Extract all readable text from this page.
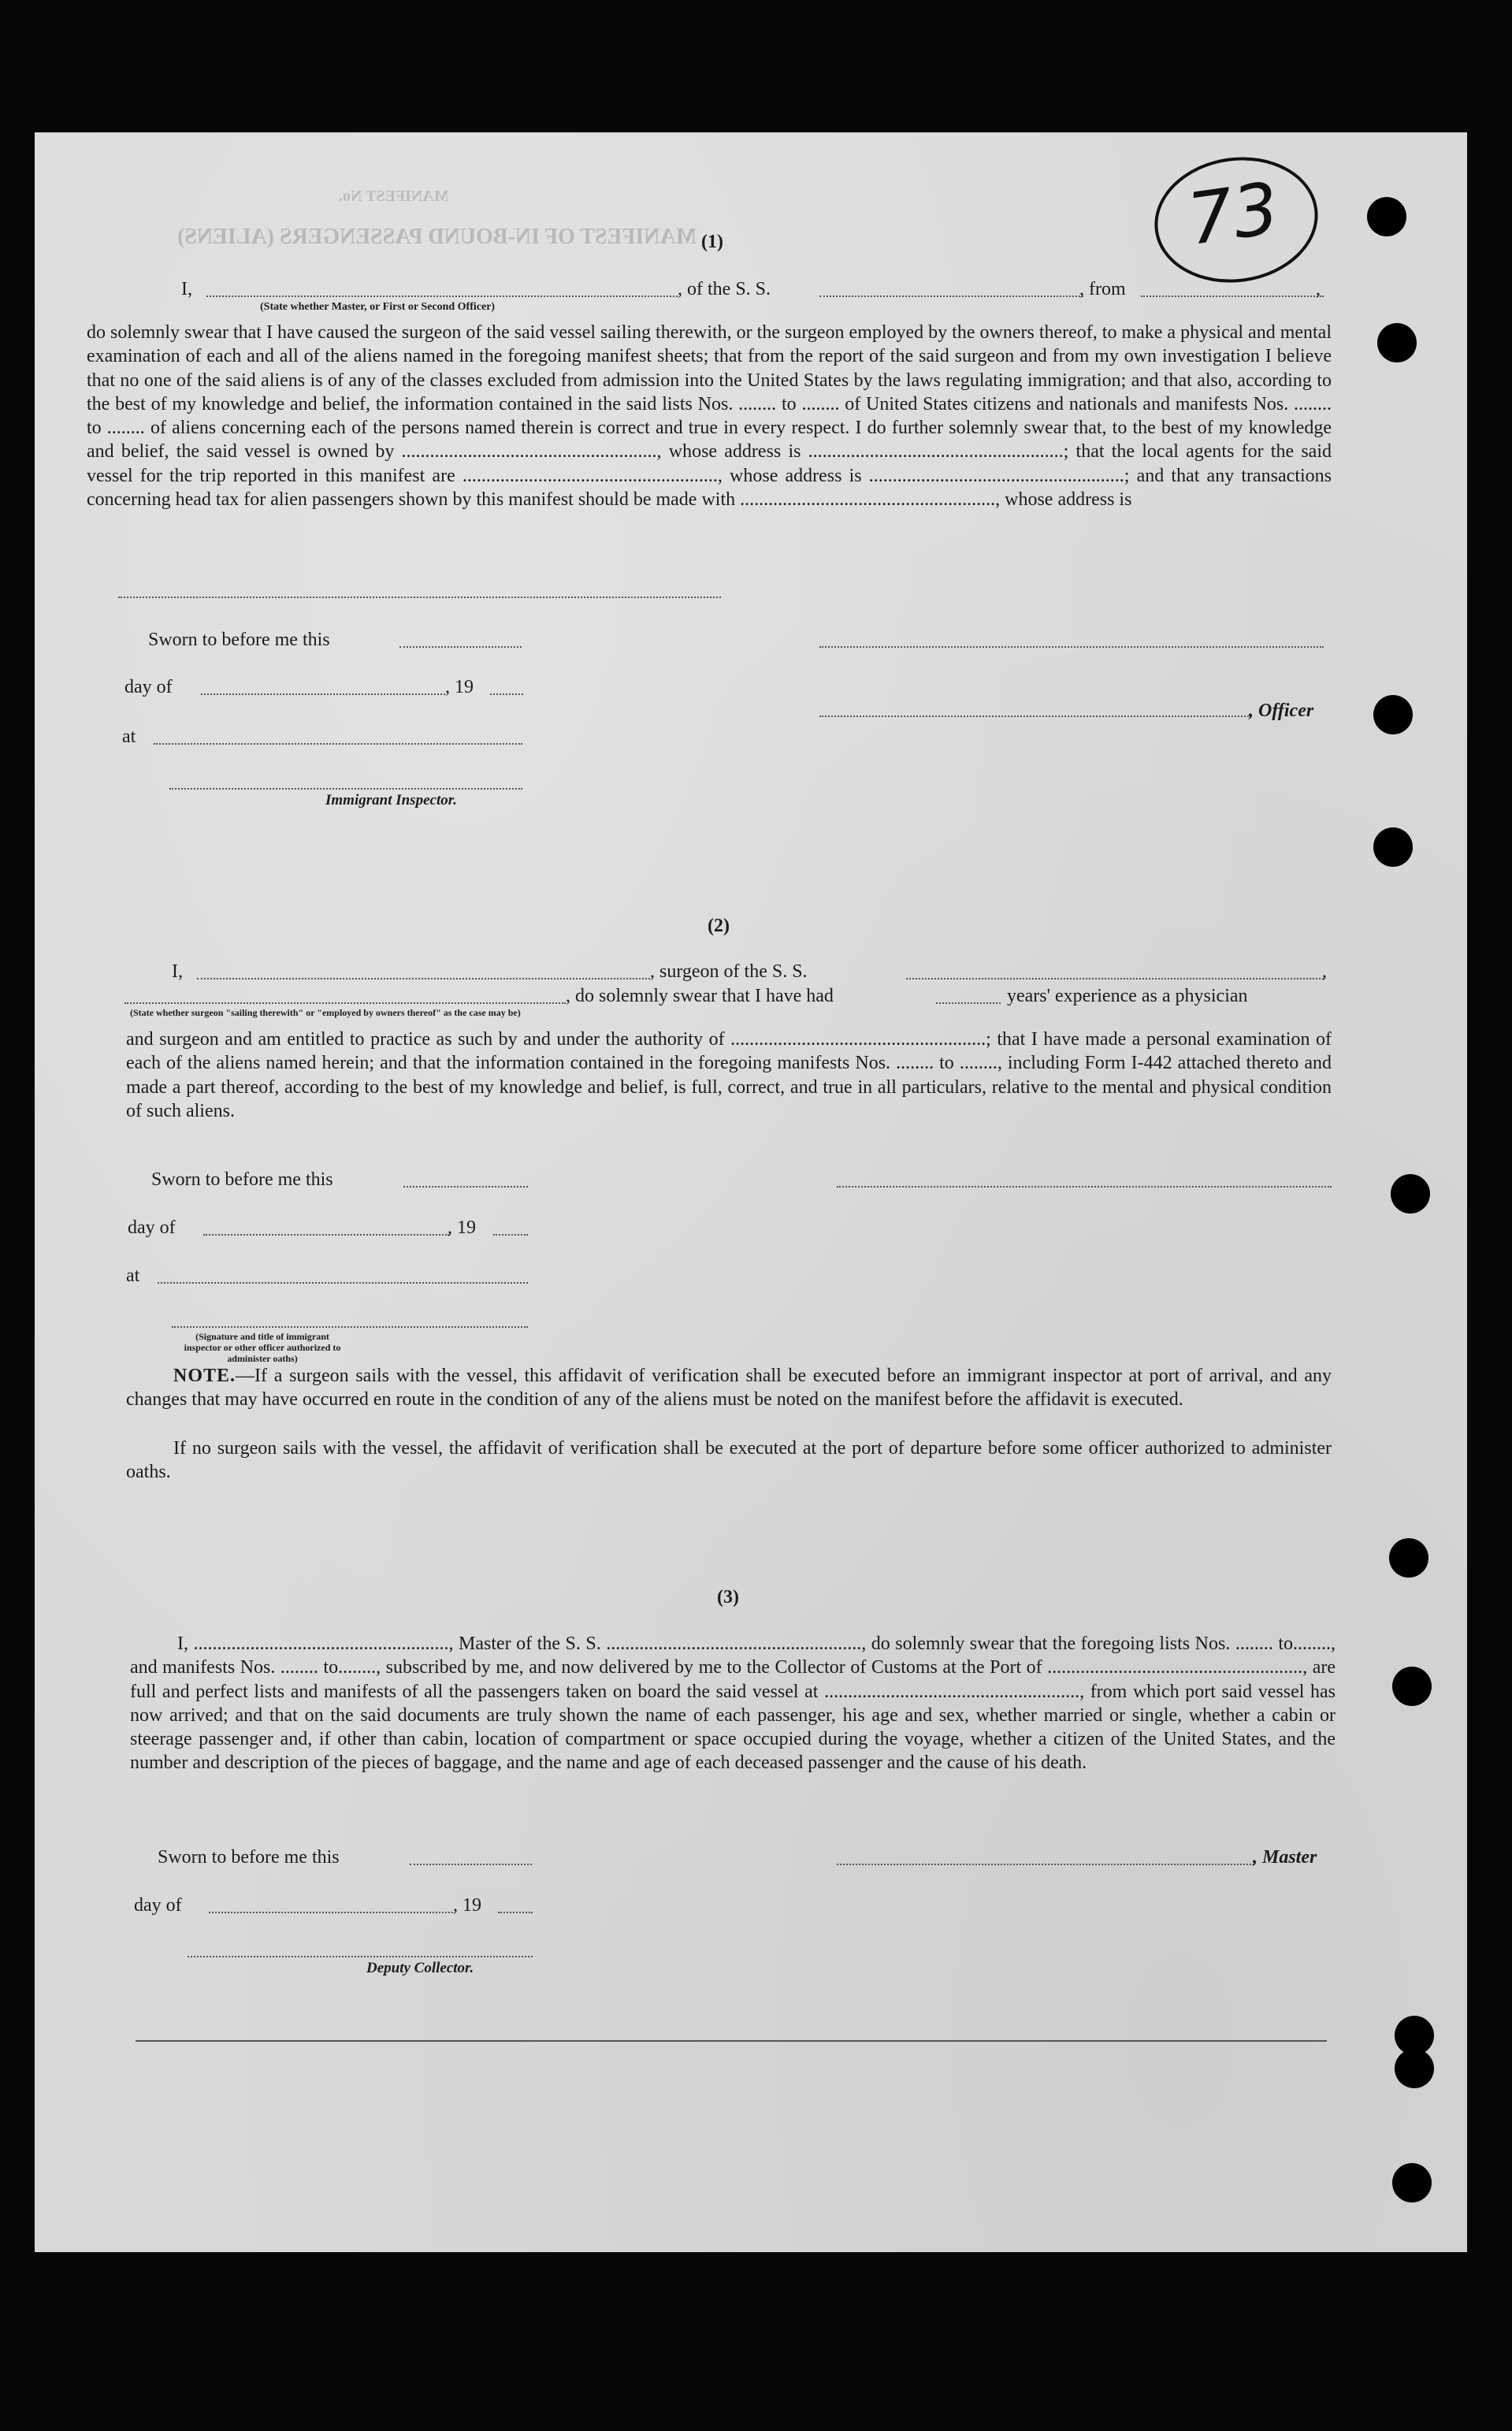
MANIFEST OF IN-BOUND PASSENGERS (ALIENS)
MANIFEST No.	73
(1)
I,	, of the S. S.	, from	,
(State whether Master, or First or Second Officer)
do solemnly swear that I have caused the surgeon of the said vessel sailing therewith, or the surgeon employed by the owners thereof, to make a physical and mental examination of each and all of the aliens named in the foregoing manifest sheets; that from the report of the said surgeon and from my own investigation I believe that no one of the said aliens is of any of the classes excluded from admission into the United States by the laws regulating immigration; and that also, according to the best of my knowledge and belief, the information contained in the said lists Nos. ........ to ........ of United States citizens and nationals and manifests Nos. ........ to ........ of aliens concerning each of the persons named therein is correct and true in every respect. I do further solemnly swear that, to the best of my knowledge and belief, the said vessel is owned by ......................................................, whose address is ......................................................; that the local agents for the said vessel for the trip reported in this manifest are ......................................................, whose address is ......................................................; and that any transactions concerning head tax for alien passengers shown by this manifest should be made with ......................................................, whose address is
Sworn to before me this
day of	, 19
, Officer
at
Immigrant Inspector.
(2)
I,	, surgeon of the S. S.	,
, do solemnly swear that I have had	years' experience as a physician
(State whether surgeon "sailing therewith" or "employed by owners thereof" as the case may be)
and surgeon and am entitled to practice as such by and under the authority of ......................................................; that I have made a personal examination of each of the aliens named herein; and that the information contained in the foregoing manifests Nos. ........ to ........, including Form I-442 attached thereto and made a part thereof, according to the best of my knowledge and belief, is full, correct, and true in all particulars, relative to the mental and physical condition of such aliens.
Sworn to before me this
day of	, 19
at
(Signature and title of immigrant inspector or other officer authorized to administer oaths)
NOTE.—If a surgeon sails with the vessel, this affidavit of verification shall be executed before an immigrant inspector at port of arrival, and any changes that may have occurred en route in the condition of any of the aliens must be noted on the manifest before the affidavit is executed.
If no surgeon sails with the vessel, the affidavit of verification shall be executed at the port of departure before some officer authorized to administer oaths.
(3)
I, ......................................................, Master of the S. S. ......................................................, do solemnly swear that the foregoing lists Nos. ........ to........, and manifests Nos. ........ to........, subscribed by me, and now delivered by me to the Collector of Customs at the Port of ......................................................, are full and perfect lists and manifests of all the passengers taken on board the said vessel at ......................................................, from which port said vessel has now arrived; and that on the said documents are truly shown the name of each passenger, his age and sex, whether married or single, whether a cabin or steerage passenger and, if other than cabin, location of compartment or space occupied during the voyage, whether a citizen of the United States, and the number and description of the pieces of baggage, and the name and age of each deceased passenger and the cause of his death.
Sworn to before me this	, Master
day of	, 19
Deputy Collector.
